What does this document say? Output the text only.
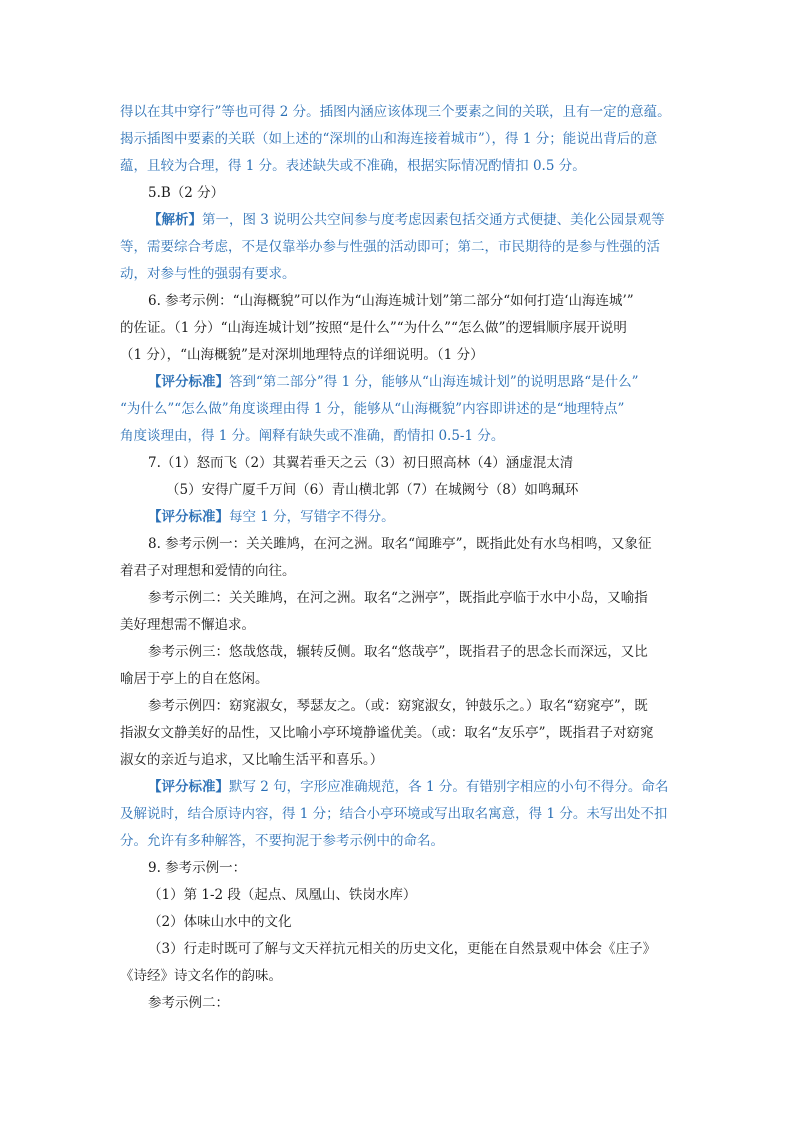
得以在其中穿行”等也可得 2 分。插图内涵应该体现三个要素之间的关联，且有一定的意蕴。
揭示插图中要素的关联（如上述的“深圳的山和海连接着城市”），得 1 分；能说出背后的意
蕴，且较为合理，得 1 分。表述缺失或不准确，根据实际情况酌情扣 0.5 分。
5.B（2 分）
【解析】第一，图 3 说明公共空间参与度考虑因素包括交通方式便捷、美化公园景观等
等，需要综合考虑，不是仅靠举办参与性强的活动即可；第二，市民期待的是参与性强的活
动，对参与性的强弱有要求。
6. 参考示例：“山海概貌”可以作为“山海连城计划”第二部分“如何打造‘山海连城’”
的佐证。（1 分）“山海连城计划”按照“是什么”“为什么”“怎么做”的逻辑顺序展开说明
（1 分），“山海概貌”是对深圳地理特点的详细说明。（1 分）
【评分标准】答到“第二部分”得 1 分，能够从“山海连城计划”的说明思路“是什么”
“为什么”“怎么做”角度谈理由得 1 分，能够从“山海概貌”内容即讲述的是“地理特点”
角度谈理由，得 1 分。阐释有缺失或不准确，酌情扣 0.5-1 分。
7.（1）怒而飞（2）其翼若垂天之云（3）初日照高林（4）涵虚混太清
（5）安得广厦千万间（6）青山横北郭（7）在城阙兮（8）如鸣珮环
【评分标准】每空 1 分，写错字不得分。
8. 参考示例一：关关雎鸠，在河之洲。取名“闻雎亭”，既指此处有水鸟相鸣，又象征
着君子对理想和爱情的向往。
参考示例二：关关雎鸠，在河之洲。取名“之洲亭”，既指此亭临于水中小岛，又喻指
美好理想需不懈追求。
参考示例三：悠哉悠哉，辗转反侧。取名“悠哉亭”，既指君子的思念长而深远，又比
喻居于亭上的自在悠闲。
参考示例四：窈窕淑女，琴瑟友之。（或：窈窕淑女，钟鼓乐之。）取名“窈窕亭”，既
指淑女文静美好的品性，又比喻小亭环境静谧优美。（或：取名“友乐亭”，既指君子对窈窕
淑女的亲近与追求，又比喻生活平和喜乐。）
【评分标准】默写 2 句，字形应准确规范，各 1 分。有错别字相应的小句不得分。命名
及解说时，结合原诗内容，得 1 分；结合小亭环境或写出取名寓意，得 1 分。未写出处不扣
分。允许有多种解答，不要拘泥于参考示例中的命名。
9. 参考示例一：
（1）第 1-2 段（起点、凤凰山、铁岗水库）
（2）体味山水中的文化
（3）行走时既可了解与文天祥抗元相关的历史文化，更能在自然景观中体会《庄子》
《诗经》诗文名作的韵味。
参考示例二：
